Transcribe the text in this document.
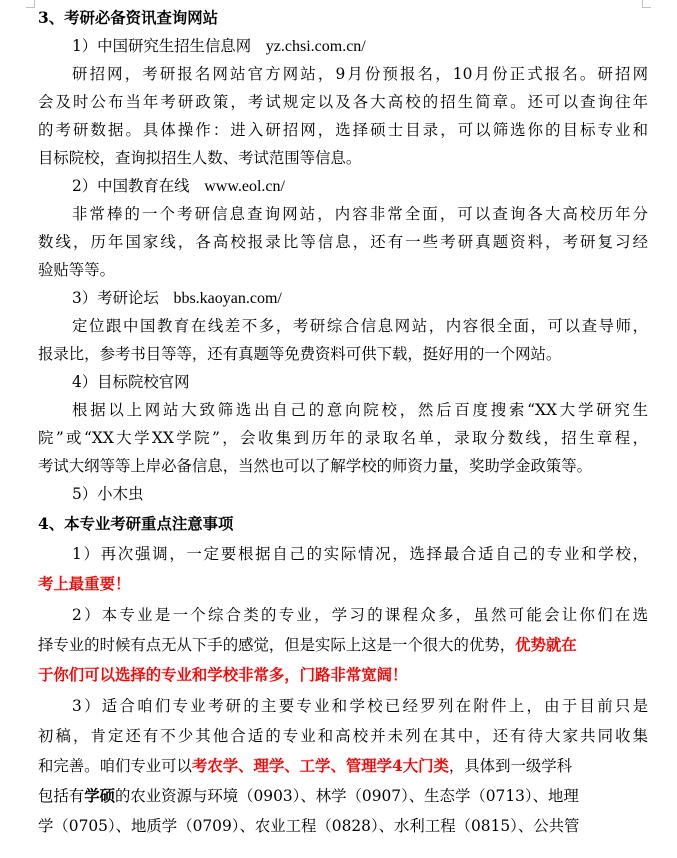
3、考研必备资讯查询网站
1）中国研究生招生信息网 yz.chsi.com.cn/
研招网，考研报名网站官方网站，9月份预报名，10月份正式报名。研招网
会及时公布当年考研政策，考试规定以及各大高校的招生简章。还可以查询往年
的考研数据。具体操作：进入研招网，选择硕士目录，可以筛选你的目标专业和
目标院校，查询拟招生人数、考试范围等信息。
2）中国教育在线 www.eol.cn/
非常棒的一个考研信息查询网站，内容非常全面，可以查询各大高校历年分
数线，历年国家线，各高校报录比等信息，还有一些考研真题资料，考研复习经
验贴等等。
3）考研论坛 bbs.kaoyan.com/
定位跟中国教育在线差不多，考研综合信息网站，内容很全面，可以查导师，
报录比，参考书目等等，还有真题等免费资料可供下载，挺好用的一个网站。
4）目标院校官网
根据以上网站大致筛选出自己的意向院校，然后百度搜索“XX大学研究生
院”或“XX大学XX学院”，会收集到历年的录取名单，录取分数线，招生章程，
考试大纲等等上岸必备信息，当然也可以了解学校的师资力量，奖助学金政策等。
5）小木虫
4、本专业考研重点注意事项
1）再次强调，一定要根据自己的实际情况，选择最合适自己的专业和学校，
考上最重要！
2）本专业是一个综合类的专业，学习的课程众多，虽然可能会让你们在选
择专业的时候有点无从下手的感觉，但是实际上这是一个很大的优势，优势就在
于你们可以选择的专业和学校非常多，门路非常宽阔！
3）适合咱们专业考研的主要专业和学校已经罗列在附件上，由于目前只是
初稿，肯定还有不少其他合适的专业和高校并未列在其中，还有待大家共同收集
和完善。咱们专业可以考农学、理学、工学、管理学4大门类，具体到一级学科
包括有学硕的农业资源与环境（0903）、林学（0907）、生态学（0713）、地理
学（0705）、地质学（0709）、农业工程（0828）、水利工程（0815）、公共管
